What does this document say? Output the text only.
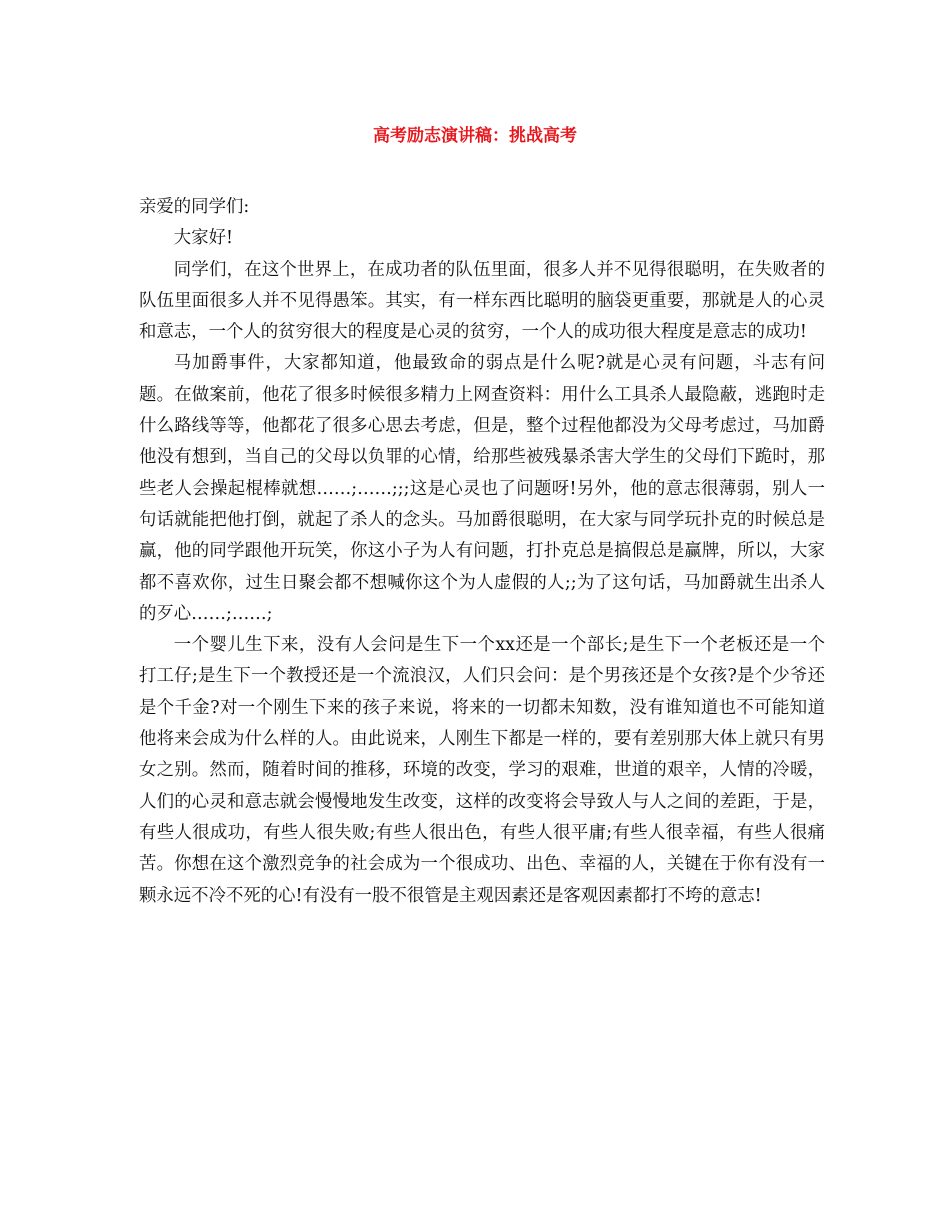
高考励志演讲稿：挑战高考

亲爱的同学们:

大家好!

同学们，在这个世界上，在成功者的队伍里面，很多人并不见得很聪明，在失败者的队伍里面很多人并不见得愚笨。其实，有一样东西比聪明的脑袋更重要，那就是人的心灵和意志，一个人的贫穷很大的程度是心灵的贫穷，一个人的成功很大程度是意志的成功!

马加爵事件，大家都知道，他最致命的弱点是什么呢?就是心灵有问题，斗志有问题。在做案前，他花了很多时候很多精力上网查资料：用什么工具杀人最隐蔽，逃跑时走什么路线等等，他都花了很多心思去考虑，但是，整个过程他都没为父母考虑过，马加爵他没有想到，当自己的父母以负罪的心情，给那些被残暴杀害大学生的父母们下跪时，那些老人会操起棍棒就想……;……;;;这是心灵也了问题呀!另外，他的意志很薄弱，别人一句话就能把他打倒，就起了杀人的念头。马加爵很聪明，在大家与同学玩扑克的时候总是赢，他的同学跟他开玩笑，你这小子为人有问题，打扑克总是搞假总是赢牌，所以，大家都不喜欢你，过生日聚会都不想喊你这个为人虚假的人;;为了这句话，马加爵就生出杀人的歹心……;……;

一个婴儿生下来，没有人会问是生下一个xx还是一个部长;是生下一个老板还是一个打工仔;是生下一个教授还是一个流浪汉，人们只会问：是个男孩还是个女孩?是个少爷还是个千金?对一个刚生下来的孩子来说，将来的一切都未知数，没有谁知道也不可能知道他将来会成为什么样的人。由此说来，人刚生下都是一样的，要有差别那大体上就只有男女之别。然而，随着时间的推移，环境的改变，学习的艰难，世道的艰辛，人情的冷暖，人们的心灵和意志就会慢慢地发生改变，这样的改变将会导致人与人之间的差距，于是，有些人很成功，有些人很失败;有些人很出色，有些人很平庸;有些人很幸福，有些人很痛苦。你想在这个激烈竞争的社会成为一个很成功、出色、幸福的人，关键在于你有没有一颗永远不冷不死的心!有没有一股不很管是主观因素还是客观因素都打不垮的意志!
